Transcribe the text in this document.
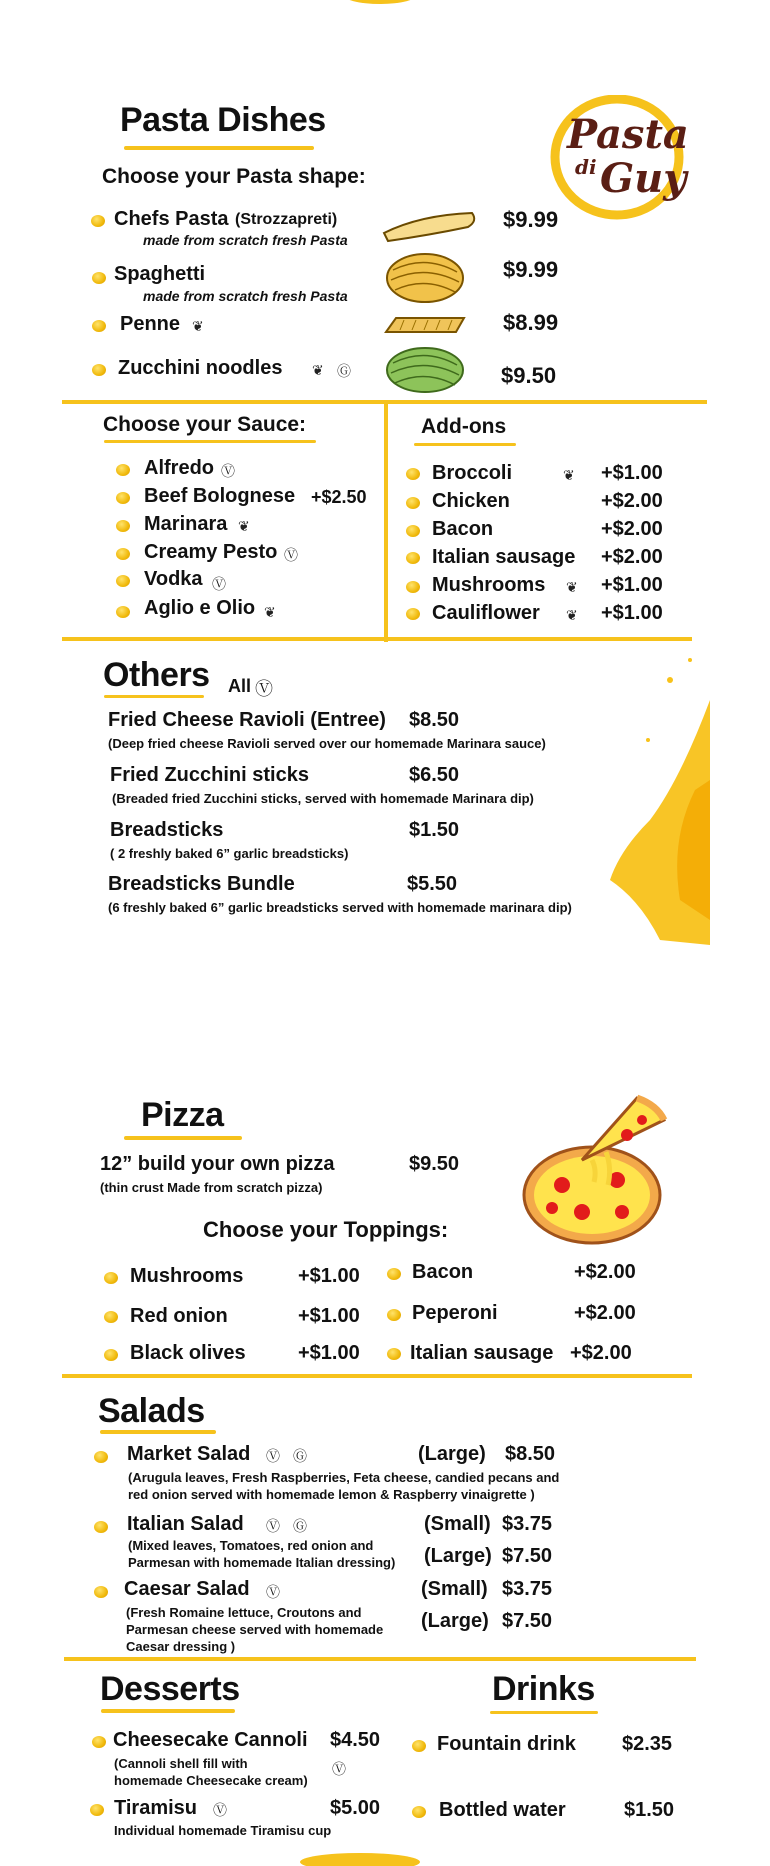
Pasta Dishes	Pasta
di Guy
Choose your Pasta shape:
Chefs Pasta (Strozzapreti)
made from scratch fresh Pasta
$9.99
Spaghetti
made from scratch fresh Pasta
$9.99
Penne ❦	$8.99
Zucchini noodles ❦ Ⓖ	$9.50
Choose your Sauce:
Alfredo Ⓥ
Beef Bolognese +$2.50
Marinara ❦
Creamy Pesto Ⓥ
Vodka Ⓥ
Aglio e Olio ❦
Add-ons
Broccoli	❦ +$1.00
Chicken	+$2.00
Bacon	+$2.00
Italian sausage +$2.00
Mushrooms ❦ +$1.00
Cauliflower ❦ +$1.00
Others All Ⓥ
Fried Cheese Ravioli (Entree) $8.50
(Deep fried cheese Ravioli served over our homemade Marinara sauce)
Fried Zucchini sticks	$6.50
(Breaded fried Zucchini sticks, served with homemade Marinara dip)
Breadsticks	$1.50
( 2 freshly baked 6” garlic breadsticks)
Breadsticks Bundle	$5.50
(6 freshly baked 6” garlic breadsticks served with homemade marinara dip)
Pizza
12” build your own pizza	$9.50
(thin crust Made from scratch pizza)
Choose your Toppings:
Mushrooms	+$1.00
Red onion	+$1.00
Black olives	+$1.00
Bacon	+$2.00
Peperoni	+$2.00
Italian sausage +$2.00
Salads
Market Salad Ⓥ Ⓖ	(Large) $8.50
(Arugula leaves, Fresh Raspberries, Feta cheese, candied pecans and
red onion served with homemade lemon & Raspberry vinaigrette )
Italian Salad Ⓥ Ⓖ	(Small) $3.75
(Mixed leaves, Tomatoes, red onion and
Parmesan with homemade Italian dressing) (Large) $7.50
Caesar Salad Ⓥ	(Small) $3.75
(Fresh Romaine lettuce, Croutons and
Parmesan cheese served with homemade
Caesar dressing )
(Large) $7.50
Desserts
Cheesecake Cannoli $4.50
(Cannoli shell fill with
homemade Cheesecake cream)
Ⓥ
Tiramisu Ⓥ	$5.00
Individual homemade Tiramisu cup
Drinks
Fountain drink $2.35
Bottled water	$1.50
